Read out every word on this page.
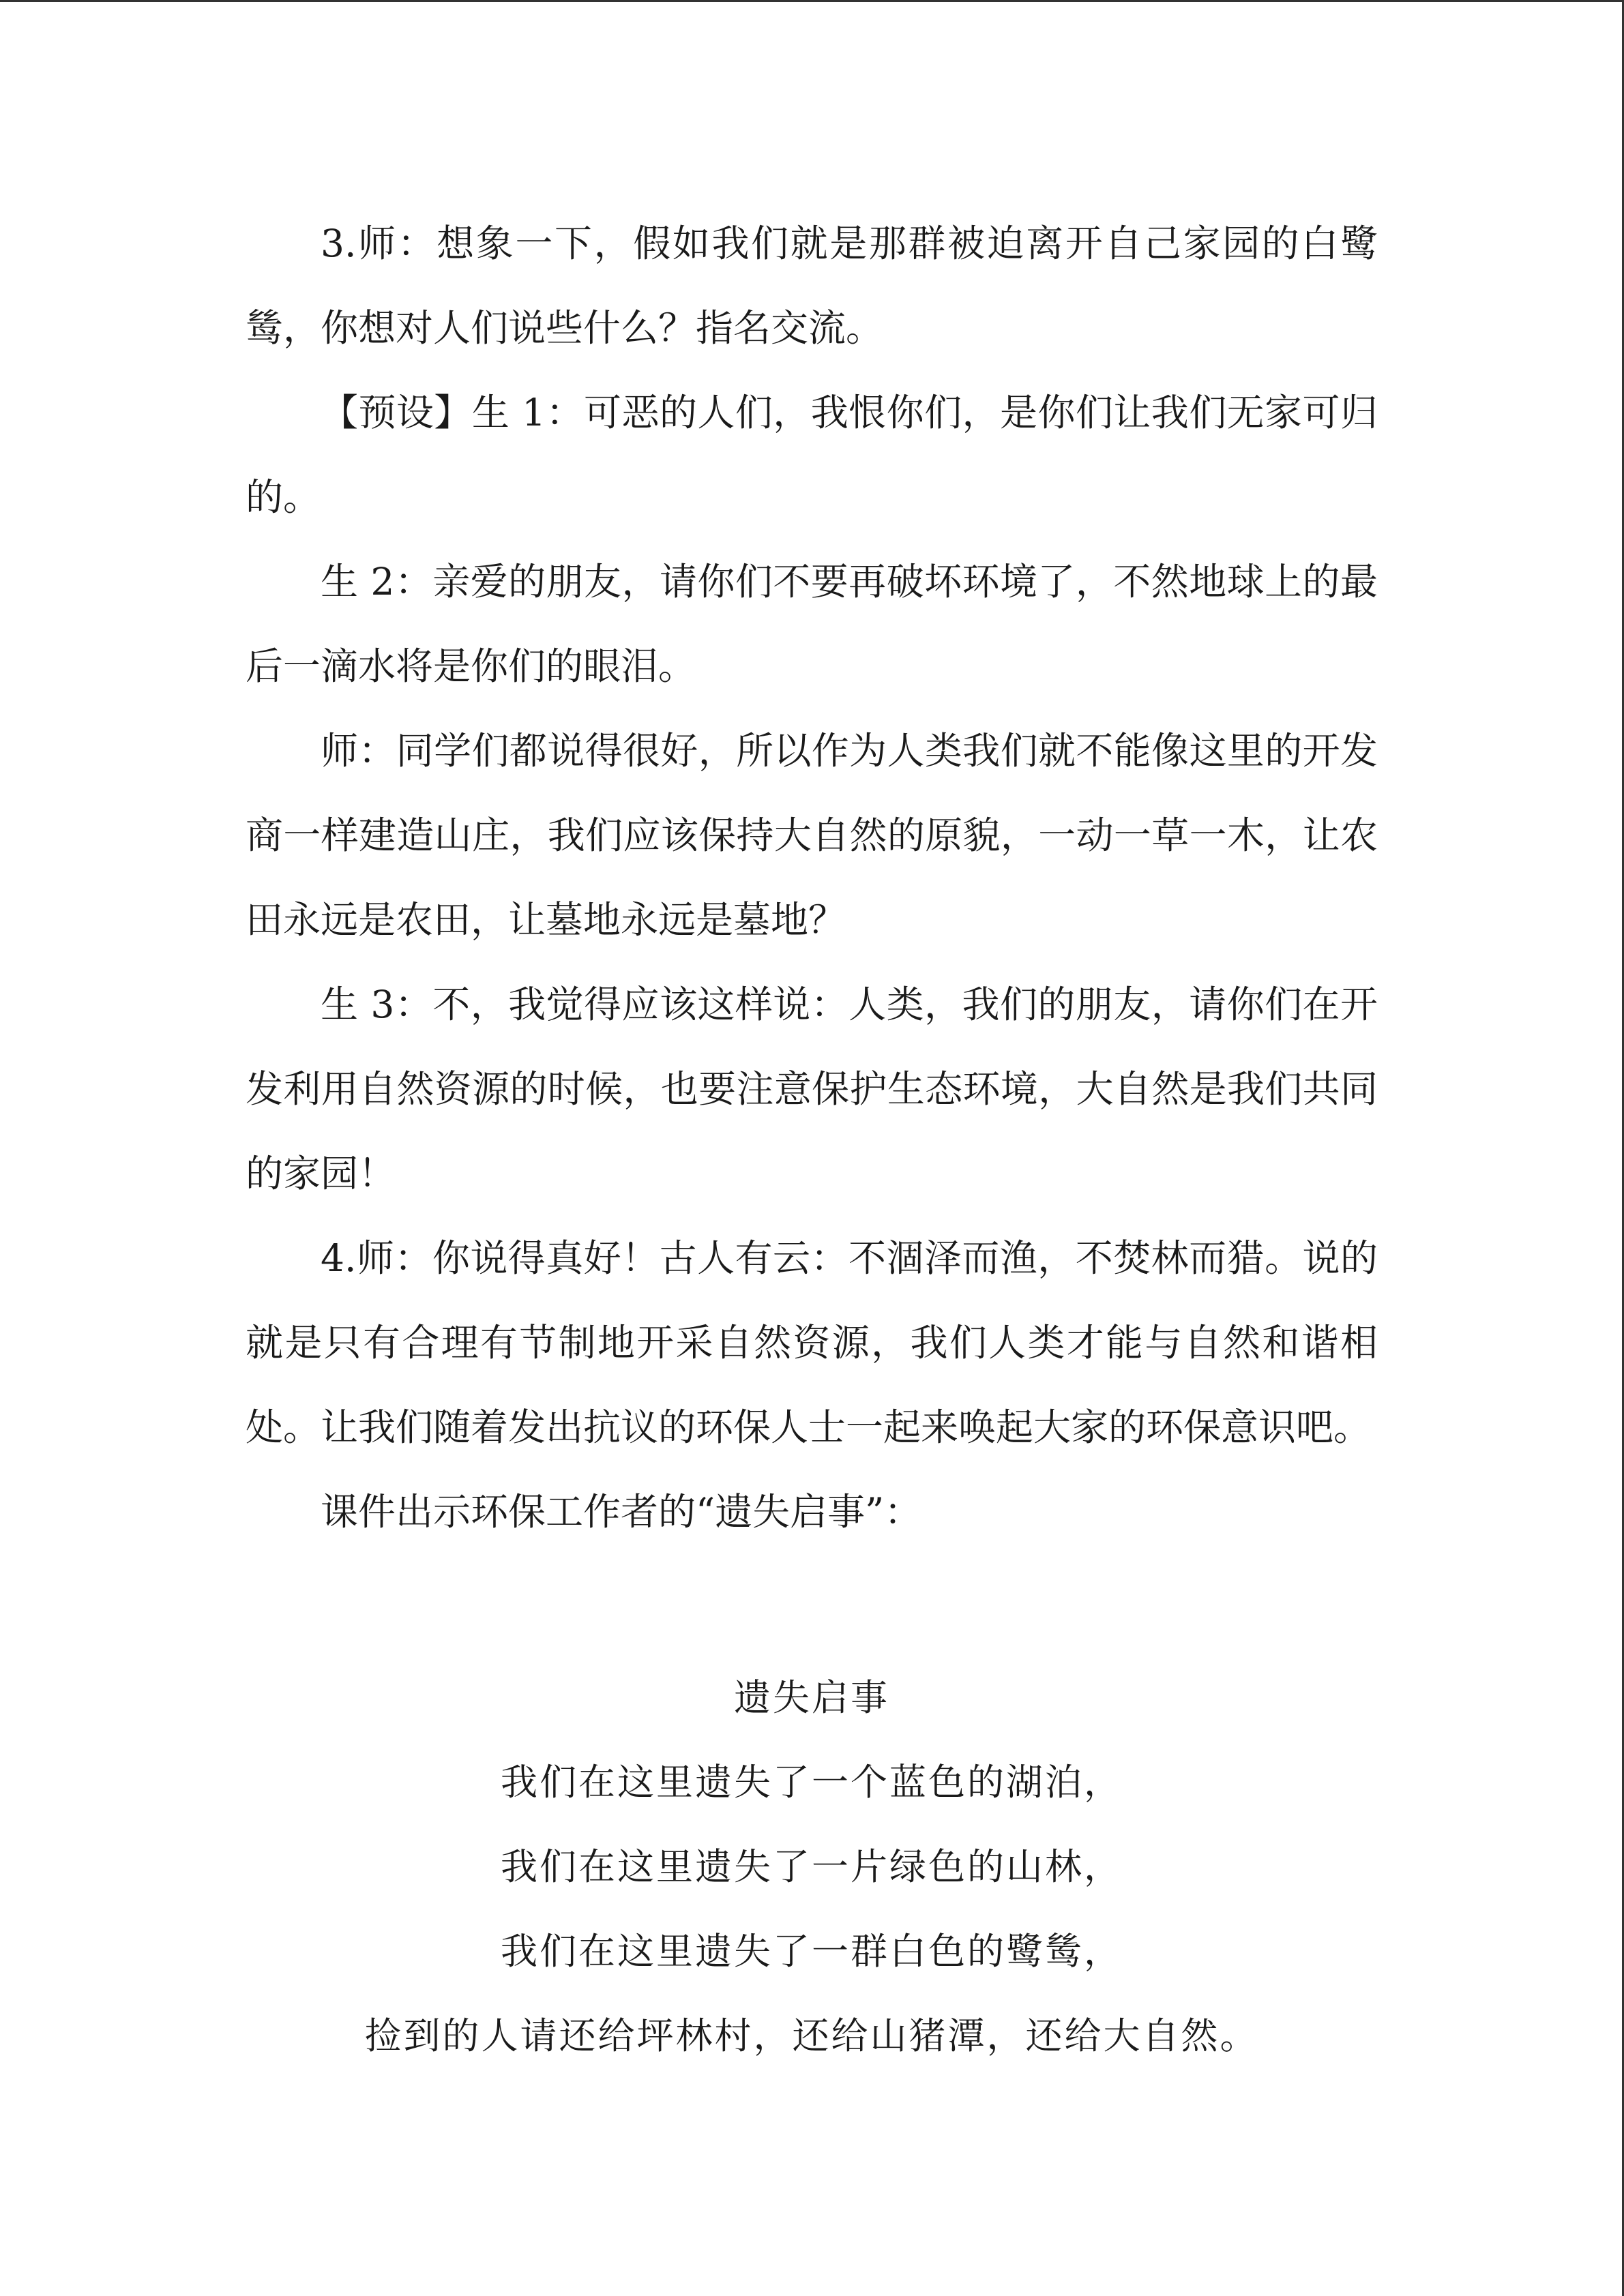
3.师：想象一下，假如我们就是那群被迫离开自己家园的白鹭鸶，你想对人们说些什么？指名交流。

【预设】生 1：可恶的人们，我恨你们，是你们让我们无家可归的。

生 2：亲爱的朋友，请你们不要再破坏环境了，不然地球上的最后一滴水将是你们的眼泪。

师：同学们都说得很好，所以作为人类我们就不能像这里的开发商一样建造山庄，我们应该保持大自然的原貌，一动一草一木，让农田永远是农田，让墓地永远是墓地？

生 3：不，我觉得应该这样说：人类，我们的朋友，请你们在开发利用自然资源的时候，也要注意保护生态环境，大自然是我们共同的家园！

4.师：你说得真好！古人有云：不涸泽而渔，不焚林而猎。说的就是只有合理有节制地开采自然资源，我们人类才能与自然和谐相处。让我们随着发出抗议的环保人士一起来唤起大家的环保意识吧。

课件出示环保工作者的“遗失启事”：

遗失启事
我们在这里遗失了一个蓝色的湖泊，
我们在这里遗失了一片绿色的山林，
我们在这里遗失了一群白色的鹭鸶，
捡到的人请还给坪林村，还给山猪潭，还给大自然。
